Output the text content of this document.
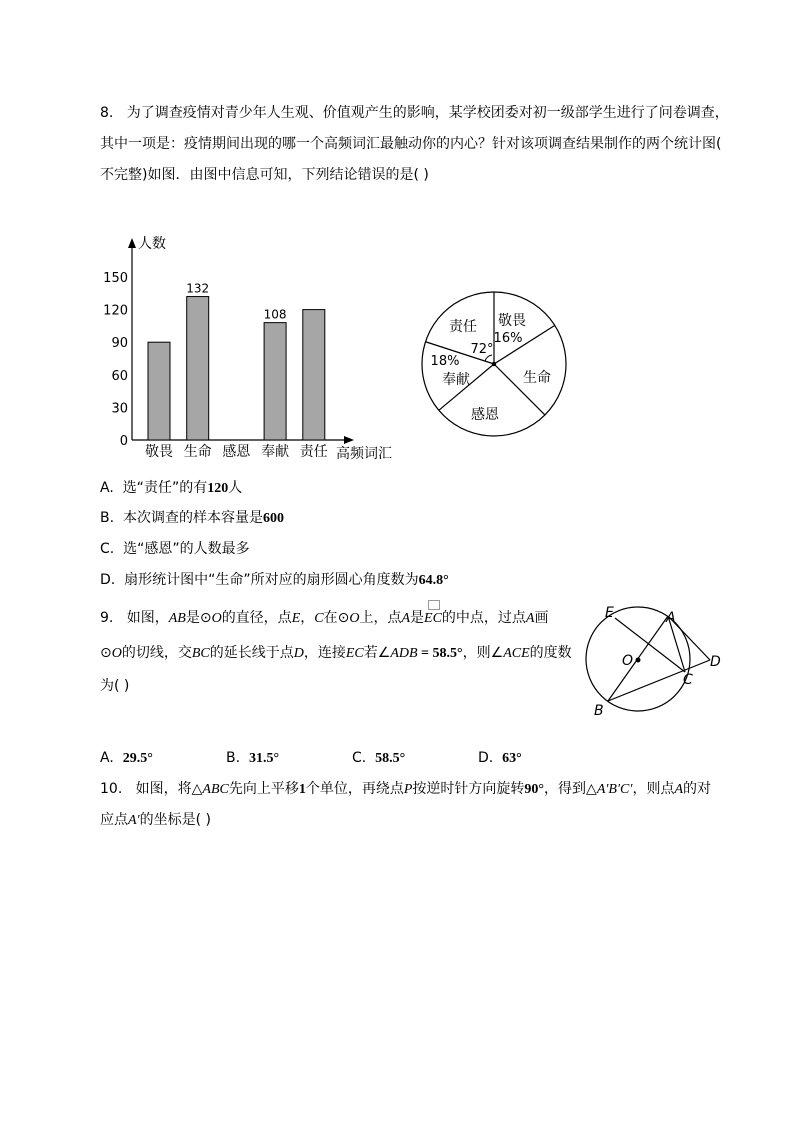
8. 为了调查疫情对青少年人生观、价值观产生的影响，某学校团委对初一级部学生进行了问卷调查，
其中一项是：疫情期间出现的哪一个高频词汇最触动你的内心？针对该项调查结果制作的两个统计图(
不完整)如图．由图中信息可知，下列结论错误的是( )
人数
高频词汇
0
30
60
90
120
150
敬畏
132
生命 感恩
108
奉献 责任
敬畏
16%
生命
感恩
奉献
18%
责任
72°
A. 选“责任”的有120人
B. 本次调查的样本容量是600
C. 选“感恩”的人数最多
D. 扇形统计图中“生命”所对应的扇形圆心角度数为64.8°
9. 如图，AB是⊙O的直径，点E，C在⊙O上，点A是
EC的中点，过点A画
⊙O的切线，交BC的延长线于点D，连接EC若∠ADB = 58.5°，则∠ACE的度数
为( )
E	A
O	D
C
B
A. 29.5°	B. 31.5°	C. 58.5°	D. 63°
10. 如图，将△ABC先向上平移1个单位，再绕点P按逆时针方向旋转90°，得到△A′B′C′，则点A的对
应点A′的坐标是( )
